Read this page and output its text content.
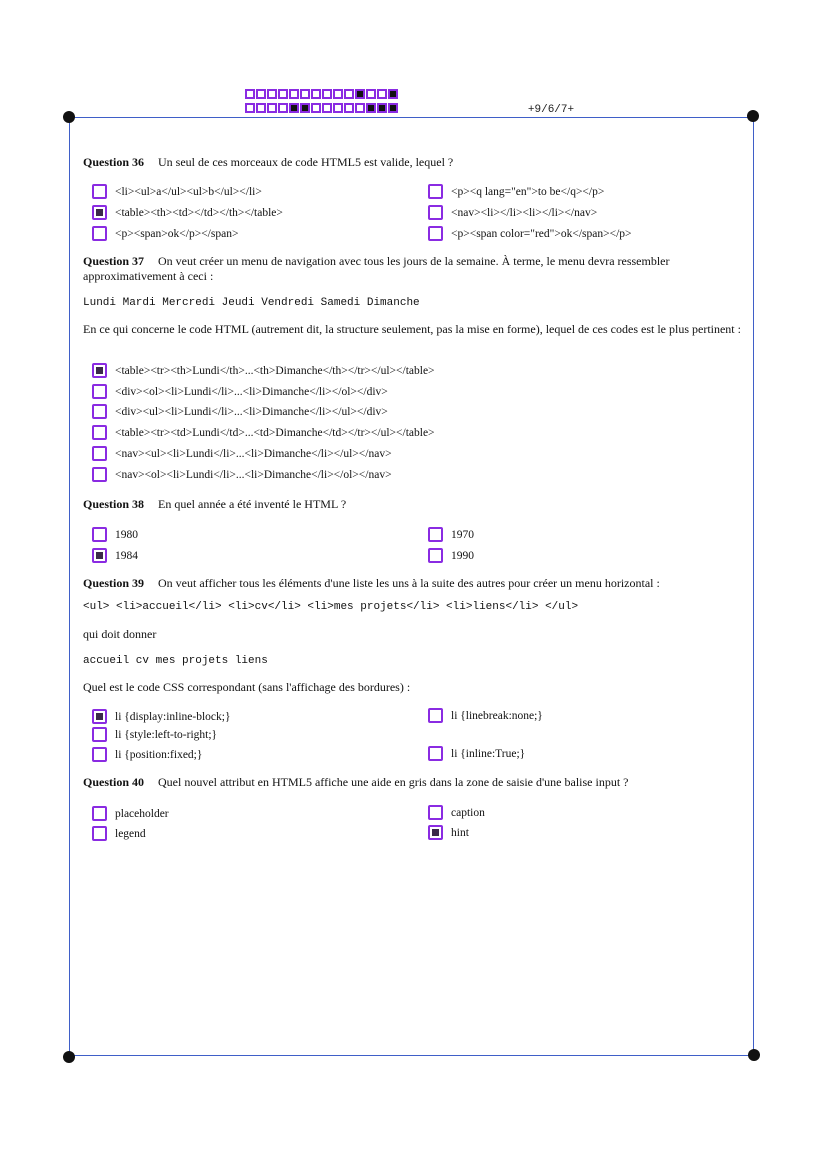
+9/6/7+
Question 36 Un seul de ces morceaux de code HTML5 est valide, lequel ?
<li><ul>a</ul><ul>b</ul></li>	<p><q lang="en">to be</q></p>
<table><th><td></td></th></table>	<nav><li></li><li></li></nav>
<p><span>ok</p></span>	<p><span color="red">ok</span></p>
Question 37 On veut créer un menu de navigation avec tous les jours de la semaine. À terme, le menu devra ressembler approximativement à ceci :
Lundi Mardi Mercredi Jeudi Vendredi Samedi Dimanche
En ce qui concerne le code HTML (autrement dit, la structure seulement, pas la mise en forme), lequel de ces codes est le plus pertinent :
<table><tr><th>Lundi</th>...<th>Dimanche</th></tr></ul></table>
<div><ol><li>Lundi</li>...<li>Dimanche</li></ol></div>
<div><ul><li>Lundi</li>...<li>Dimanche</li></ul></div>
<table><tr><td>Lundi</td>...<td>Dimanche</td></tr></ul></table>
<nav><ul><li>Lundi</li>...<li>Dimanche</li></ul></nav>
<nav><ol><li>Lundi</li>...<li>Dimanche</li></ol></nav>
Question 38 En quel année a été inventé le HTML ?
1980	1970
1984	1990
Question 39 On veut afficher tous les éléments d'une liste les uns à la suite des autres pour créer un menu horizontal :
<ul> <li>accueil</li> <li>cv</li> <li>mes projets</li> <li>liens</li> </ul>
qui doit donner
accueil cv mes projets liens
Quel est le code CSS correspondant (sans l'affichage des bordures) :
li {display:inline-block;}	li {linebreak:none;}
li {style:left-to-right;}
li {position:fixed;}	li {inline:True;}
Question 40 Quel nouvel attribut en HTML5 affiche une aide en gris dans la zone de saisie d'une balise input ?
placeholder	caption
legend	hint
